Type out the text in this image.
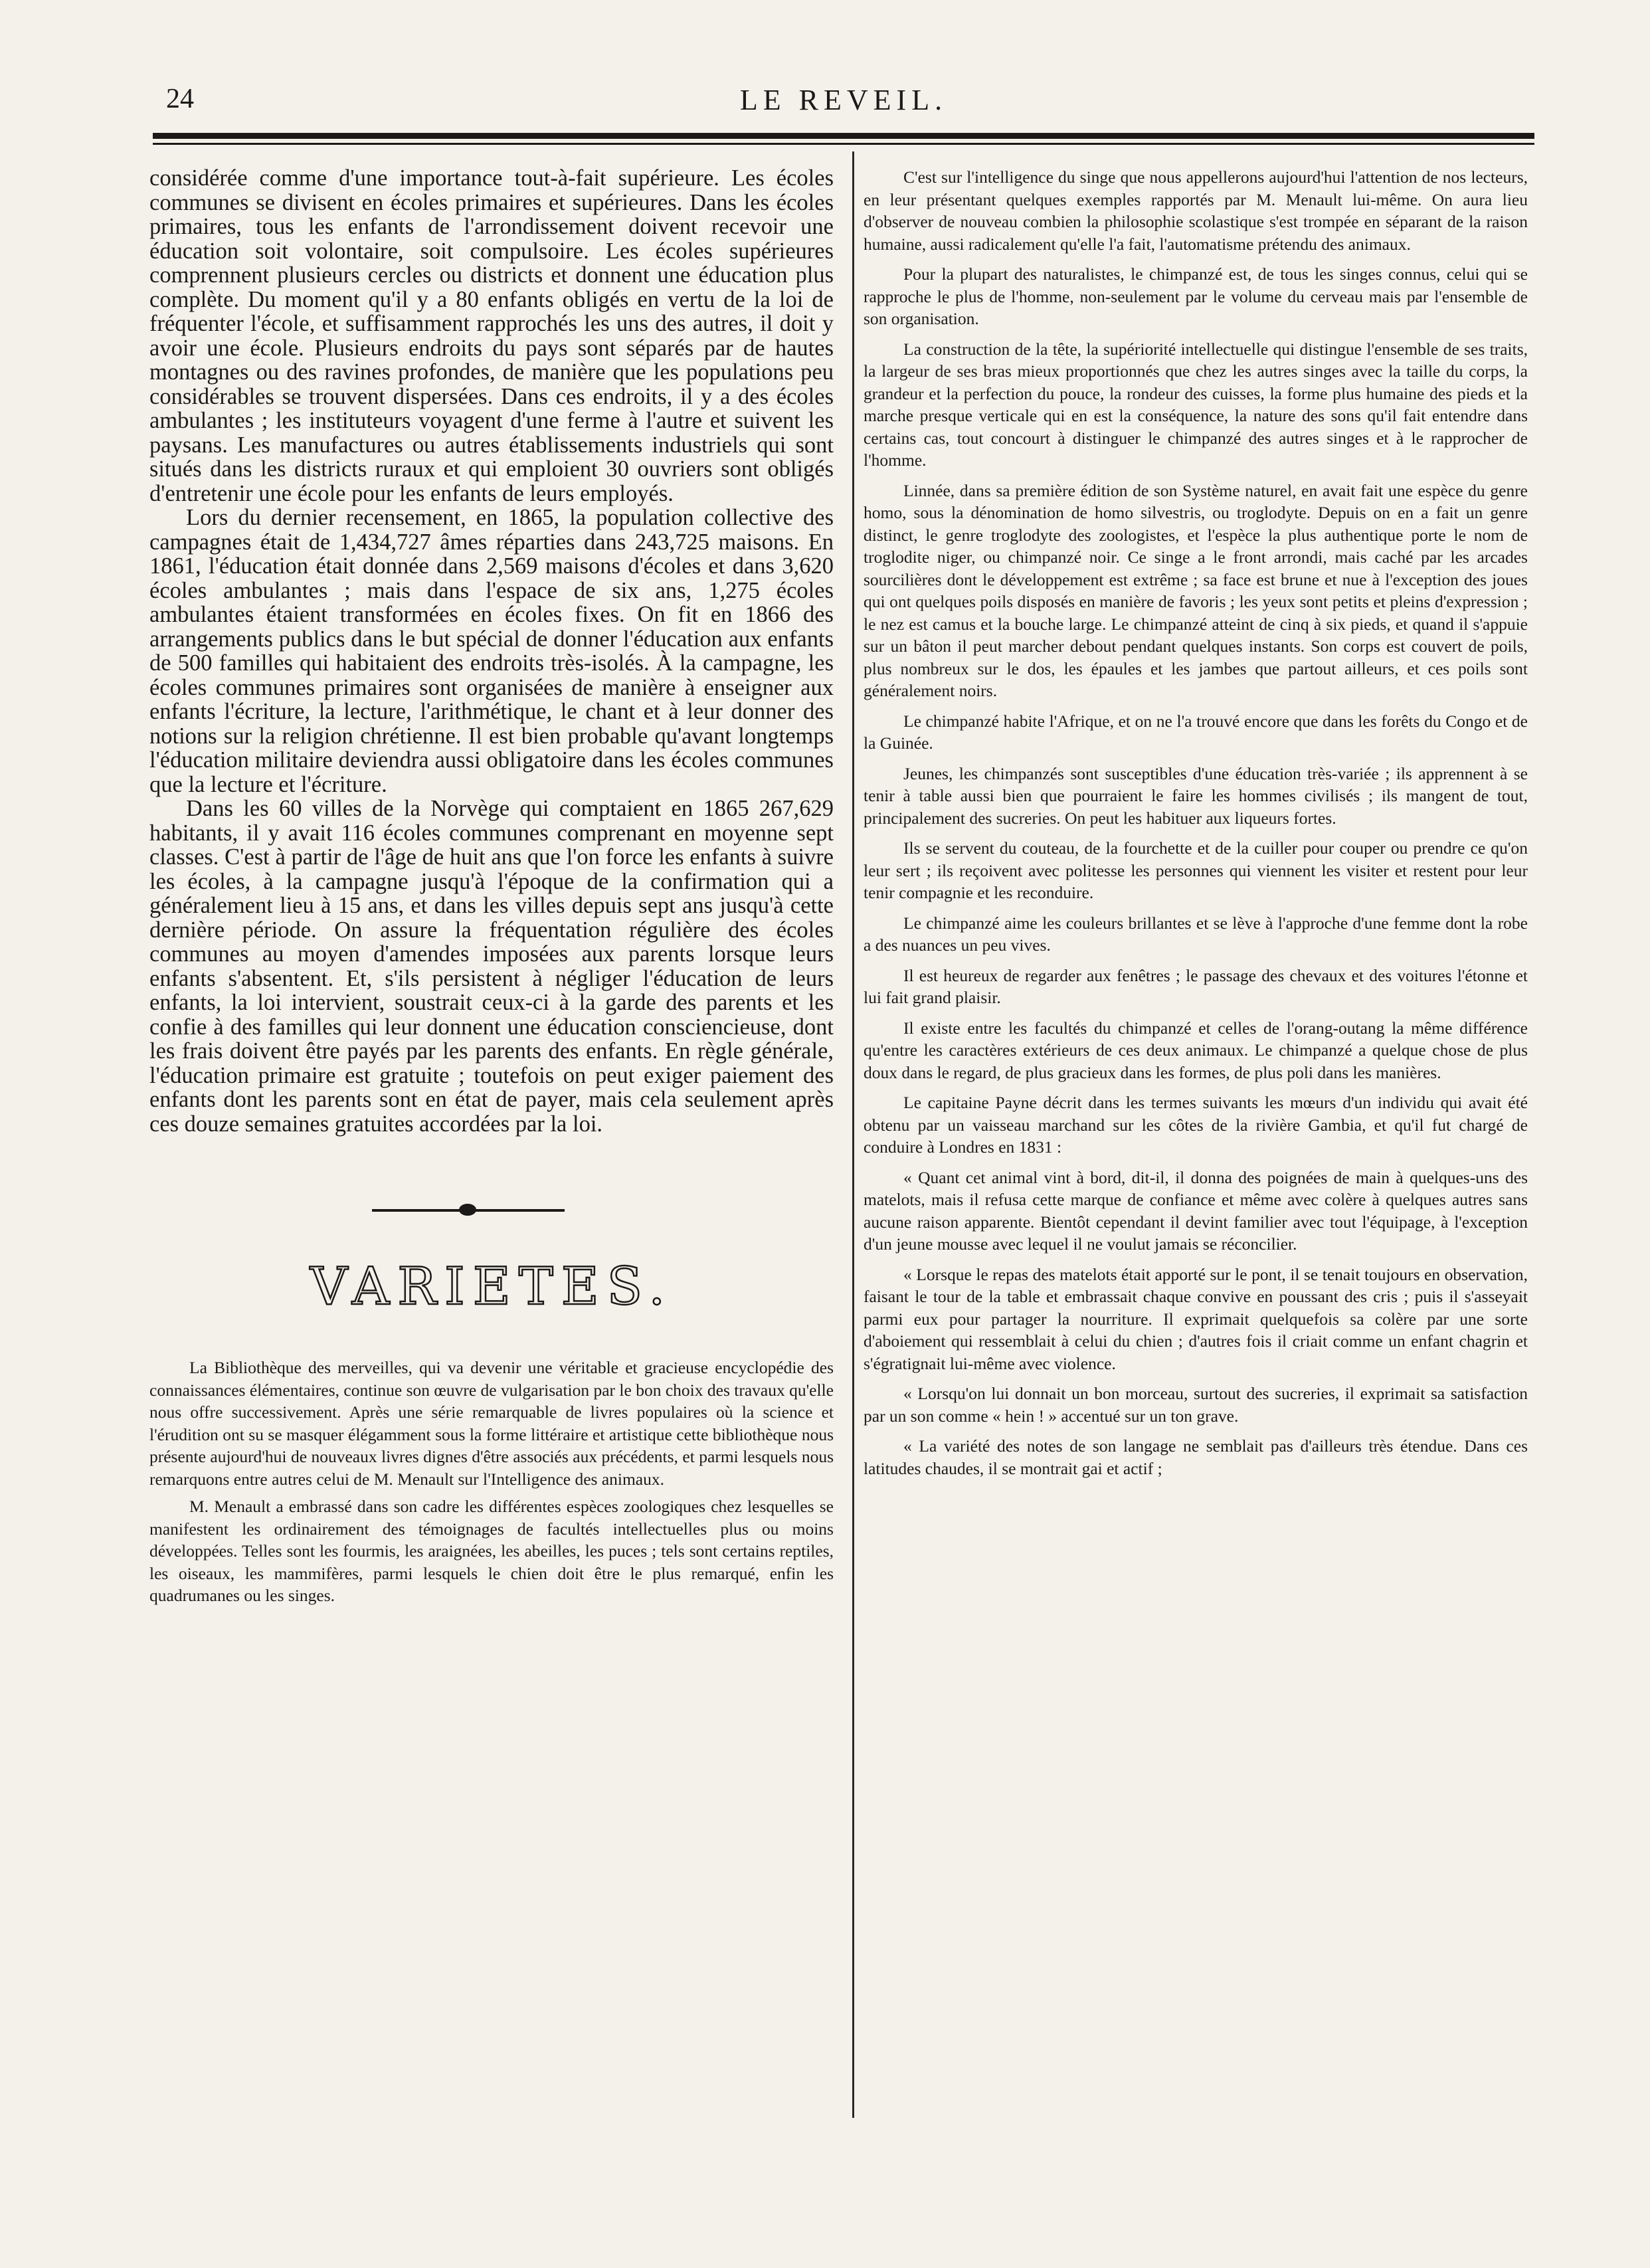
24	LE REVEIL.

considérée comme d'une importance tout-à-fait supérieure. Les écoles communes se divisent en écoles primaires et supérieures. Dans les écoles primaires, tous les enfants de l'arrondissement doivent recevoir une éducation soit volontaire, soit compulsoire. Les écoles supérieures comprennent plusieurs cercles ou districts et donnent une éducation plus complète. Du moment qu'il y a 80 enfants obligés en vertu de la loi de fréquenter l'école, et suffisamment rapprochés les uns des autres, il doit y avoir une école. Plusieurs endroits du pays sont séparés par de hautes montagnes ou des ravines profondes, de manière que les populations peu considérables se trouvent dispersées. Dans ces endroits, il y a des écoles ambulantes ; les instituteurs voyagent d'une ferme à l'autre et suivent les paysans. Les manufactures ou autres établissements industriels qui sont situés dans les districts ruraux et qui emploient 30 ouvriers sont obligés d'entretenir une école pour les enfants de leurs employés.

Lors du dernier recensement, en 1865, la population collective des campagnes était de 1,434,727 âmes réparties dans 243,725 maisons. En 1861, l'éducation était donnée dans 2,569 maisons d'écoles et dans 3,620 écoles ambulantes ; mais dans l'espace de six ans, 1,275 écoles ambulantes étaient transformées en écoles fixes. On fit en 1866 des arrangements publics dans le but spécial de donner l'éducation aux enfants de 500 familles qui habitaient des endroits très-isolés. À la campagne, les écoles communes primaires sont organisées de manière à enseigner aux enfants l'écriture, la lecture, l'arithmétique, le chant et à leur donner des notions sur la religion chrétienne. Il est bien probable qu'avant longtemps l'éducation militaire deviendra aussi obligatoire dans les écoles communes que la lecture et l'écriture.

Dans les 60 villes de la Norvège qui comptaient en 1865 267,629 habitants, il y avait 116 écoles communes comprenant en moyenne sept classes. C'est à partir de l'âge de huit ans que l'on force les enfants à suivre les écoles, à la campagne jusqu'à l'époque de la confirmation qui a généralement lieu à 15 ans, et dans les villes depuis sept ans jusqu'à cette dernière période. On assure la fréquentation régulière des écoles communes au moyen d'amendes imposées aux parents lorsque leurs enfants s'absentent. Et, s'ils persistent à négliger l'éducation de leurs enfants, la loi intervient, soustrait ceux-ci à la garde des parents et les confie à des familles qui leur donnent une éducation consciencieuse, dont les frais doivent être payés par les parents des enfants. En règle générale, l'éducation primaire est gratuite ; toutefois on peut exiger paiement des enfants dont les parents sont en état de payer, mais cela seulement après ces douze semaines gratuites accordées par la loi.

VARIETES.

La Bibliothèque des merveilles, qui va devenir une véritable et gracieuse encyclopédie des connaissances élémentaires, continue son œuvre de vulgarisation par le bon choix des travaux qu'elle nous offre successivement. Après une série remarquable de livres populaires où la science et l'érudition ont su se masquer élégamment sous la forme littéraire et artistique cette bibliothèque nous présente aujourd'hui de nouveaux livres dignes d'être associés aux précédents, et parmi lesquels nous remarquons entre autres celui de M. Menault sur l'Intelligence des animaux.

M. Menault a embrassé dans son cadre les différentes espèces zoologiques chez lesquelles se manifestent les ordinairement des témoignages de facultés intellectuelles plus ou moins développées. Telles sont les fourmis, les araignées, les abeilles, les puces ; tels sont certains reptiles, les oiseaux, les mammifères, parmi lesquels le chien doit être le plus remarqué, enfin les quadrumanes ou les singes.

C'est sur l'intelligence du singe que nous appellerons aujourd'hui l'attention de nos lecteurs, en leur présentant quelques exemples rapportés par M. Menault lui-même. On aura lieu d'observer de nouveau combien la philosophie scolastique s'est trompée en séparant de la raison humaine, aussi radicalement qu'elle l'a fait, l'automatisme prétendu des animaux.

Pour la plupart des naturalistes, le chimpanzé est, de tous les singes connus, celui qui se rapproche le plus de l'homme, non-seulement par le volume du cerveau mais par l'ensemble de son organisation.

La construction de la tête, la supériorité intellectuelle qui distingue l'ensemble de ses traits, la largeur de ses bras mieux proportionnés que chez les autres singes avec la taille du corps, la grandeur et la perfection du pouce, la rondeur des cuisses, la forme plus humaine des pieds et la marche presque verticale qui en est la conséquence, la nature des sons qu'il fait entendre dans certains cas, tout concourt à distinguer le chimpanzé des autres singes et à le rapprocher de l'homme.

Linnée, dans sa première édition de son Système naturel, en avait fait une espèce du genre homo, sous la dénomination de homo silvestris, ou troglodyte. Depuis on en a fait un genre distinct, le genre troglodyte des zoologistes, et l'espèce la plus authentique porte le nom de troglodite niger, ou chimpanzé noir. Ce singe a le front arrondi, mais caché par les arcades sourcilières dont le développement est extrême ; sa face est brune et nue à l'exception des joues qui ont quelques poils disposés en manière de favoris ; les yeux sont petits et pleins d'expression ; le nez est camus et la bouche large. Le chimpanzé atteint de cinq à six pieds, et quand il s'appuie sur un bâton il peut marcher debout pendant quelques instants. Son corps est couvert de poils, plus nombreux sur le dos, les épaules et les jambes que partout ailleurs, et ces poils sont généralement noirs.

Le chimpanzé habite l'Afrique, et on ne l'a trouvé encore que dans les forêts du Congo et de la Guinée.

Jeunes, les chimpanzés sont susceptibles d'une éducation très-variée ; ils apprennent à se tenir à table aussi bien que pourraient le faire les hommes civilisés ; ils mangent de tout, principalement des sucreries. On peut les habituer aux liqueurs fortes.

Ils se servent du couteau, de la fourchette et de la cuiller pour couper ou prendre ce qu'on leur sert ; ils reçoivent avec politesse les personnes qui viennent les visiter et restent pour leur tenir compagnie et les reconduire.

Le chimpanzé aime les couleurs brillantes et se lève à l'approche d'une femme dont la robe a des nuances un peu vives.

Il est heureux de regarder aux fenêtres ; le passage des chevaux et des voitures l'étonne et lui fait grand plaisir.

Il existe entre les facultés du chimpanzé et celles de l'orang-outang la même différence qu'entre les caractères extérieurs de ces deux animaux. Le chimpanzé a quelque chose de plus doux dans le regard, de plus gracieux dans les formes, de plus poli dans les manières.

Le capitaine Payne décrit dans les termes suivants les mœurs d'un individu qui avait été obtenu par un vaisseau marchand sur les côtes de la rivière Gambia, et qu'il fut chargé de conduire à Londres en 1831 :

« Quant cet animal vint à bord, dit-il, il donna des poignées de main à quelques-uns des matelots, mais il refusa cette marque de confiance et même avec colère à quelques autres sans aucune raison apparente. Bientôt cependant il devint familier avec tout l'équipage, à l'exception d'un jeune mousse avec lequel il ne voulut jamais se réconcilier.

« Lorsque le repas des matelots était apporté sur le pont, il se tenait toujours en observation, faisant le tour de la table et embrassait chaque convive en poussant des cris ; puis il s'asseyait parmi eux pour partager la nourriture. Il exprimait quelquefois sa colère par une sorte d'aboiement qui ressemblait à celui du chien ; d'autres fois il criait comme un enfant chagrin et s'égratignait lui-même avec violence.

« Lorsqu'on lui donnait un bon morceau, surtout des sucreries, il exprimait sa satisfaction par un son comme « hein ! » accentué sur un ton grave.

« La variété des notes de son langage ne semblait pas d'ailleurs très étendue. Dans ces latitudes chaudes, il se montrait gai et actif ;
